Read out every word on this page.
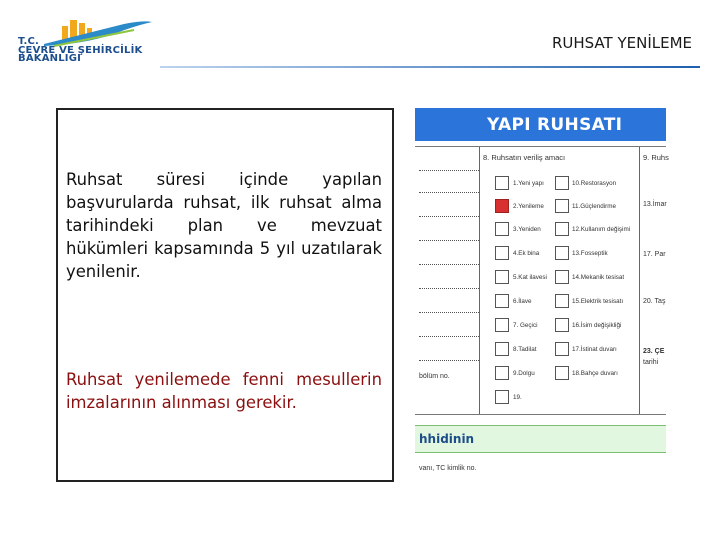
T.C.
ÇEVRE VE ŞEHİRCİLİK
BAKANLIĞI
RUHSAT YENİLEME

Ruhsat süresi içinde yapılan başvurularda ruhsat, ilk ruhsat alma tarihindeki plan ve mevzuat hükümleri kapsamında 5 yıl uzatılarak yenilenir.

Ruhsat yenilemede fenni mesullerin imzalarının alınması gerekir.

YAPI RUHSATI
8. Ruhsatın veriliş amacı	9. Ruhs
1.Yeni yapı	10.Restorasyon
2.Yenileme	11.Güçlendirme
3.Yeniden	12.Kullanım değişimi
4.Ek bina	13.Fosseptik
5.Kat ilavesi	14.Mekanik tesisat
6.İlave	15.Elektrik tesisatı
7. Geçici	16.İsim değişikliği
8.Tadilat	17.İstinat duvarı
9.Dolgu	18.Bahçe duvarı
19.
13.İmar
17. Par
20. Taş
23. ÇE
tarihi
bölüm no.
hhidinin
vanı, TC kimlik no.
